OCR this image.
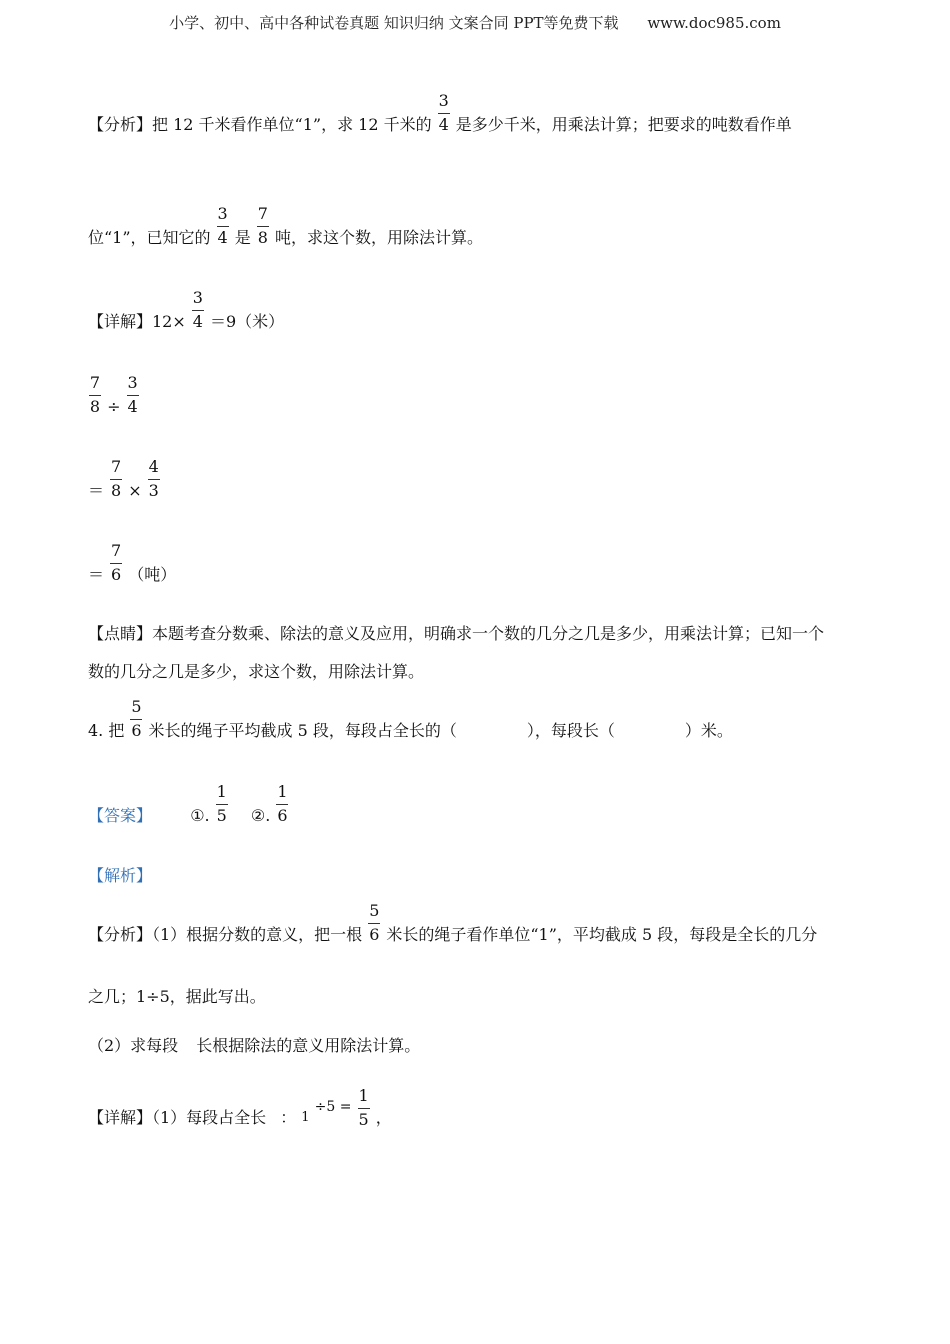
小学、初中、高中各种试卷真题 知识归纳 文案合同 PPT等免费下载 www.doc985.com
【分析】把 12 千米看作单位“1”，求 12 千米的 $\frac{3}{4}$ 是多少千米，用乘法计算；把要求的吨数看作单
位“1”，已知它的 $\frac{3}{4}$ 是 $\frac{7}{8}$ 吨，求这个数，用除法计算。
【详解】$12\times \frac{3}{4} =9$（米）
$\frac{7}{8} \div \frac{3}{4}$
＝ $\frac{7}{8} \times \frac{4}{3}$
＝ $\frac{7}{6}$ （吨）
【点睛】本题考查分数乘、除法的意义及应用，明确求一个数的几分之几是多少，用乘法计算；已知一个
数的几分之几是多少，求这个数，用除法计算。
4. 把 $\frac{5}{6}$ 米长的绳子平均截成 5 段，每段占全长的（	），每段长（	）米。
【答案】 ①. $\frac{1}{5}$ ②. $\frac{1}{6}$
【解析】
【分析】（1）根据分数的意义，把一根 $\frac{5}{6}$ 米长的绳子看作单位“1”，平均截成 5 段，每段是全长的几分
之几；1÷5，据此写出。
（2）求每段 长根据除法的意义用除法计算。
【详解】（1）每段占全长 ： 1 ÷5 =
$\frac{1}{5}$ ，
